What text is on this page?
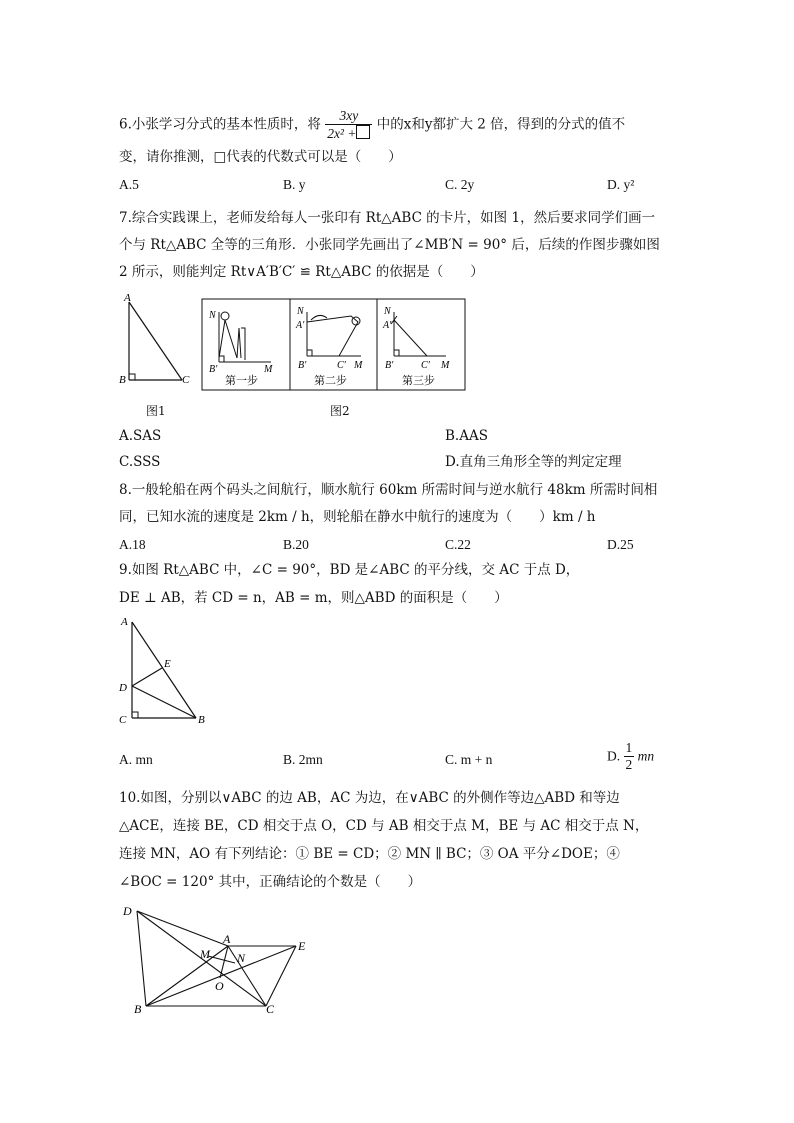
6.小张学习分式的基本性质时，将 $\frac{3xy}{\text{2x² +}}$ 中的x和y都扩大 2 倍，得到的分式的值不
变，请你推测，□代表的代数式可以是（　　）
A.5	B. y	C. 2y	D. y²
7.综合实践课上，老师发给每人一张印有 Rt△ABC 的卡片，如图 1，然后要求同学们画一
个与 Rt△ABC 全等的三角形．小张同学先画出了∠MB′N = 90° 后，后续的作图步骤如图
2 所示，则能判定 Rt∨A′B′C′ ≌ Rt△ABC 的依据是（　　）
A
B	C
图1
N
B′	M
第一步
N
A′
B′	C′ M
第二步
N
A′
B′	C′ M
第三步
图2
A.SAS	B.AAS
C.SSS	D.直角三角形全等的判定定理
8.一般轮船在两个码头之间航行，顺水航行 60km 所需时间与逆水航行 48km 所需时间相
同，已知水流的速度是 2km / h，则轮船在静水中航行的速度为（　　）km / h
A.18	B.20	C.22	D.25
9.如图 Rt△ABC 中，∠C = 90°，BD 是∠ABC 的平分线，交 AC 于点 D，
DE ⊥ AB，若 CD = n，AB = m，则△ABD 的面积是（　　）
A
E
D
C	B
A. mn	B. 2mn	C. m + n	D. $\frac{1}{2}$ mn
10.如图，分别以∨ABC 的边 AB，AC 为边，在∨ABC 的外侧作等边△ABD 和等边
△ACE，连接 BE，CD 相交于点 O，CD 与 AB 相交于点 M，BE 与 AC 相交于点 N，
连接 MN，AO 有下列结论：① BE = CD；② MN ∥ BC；③ OA 平分∠DOE；④
∠BOC = 120° 其中，正确结论的个数是（　　）
D
A	E
M N
O
B	C
